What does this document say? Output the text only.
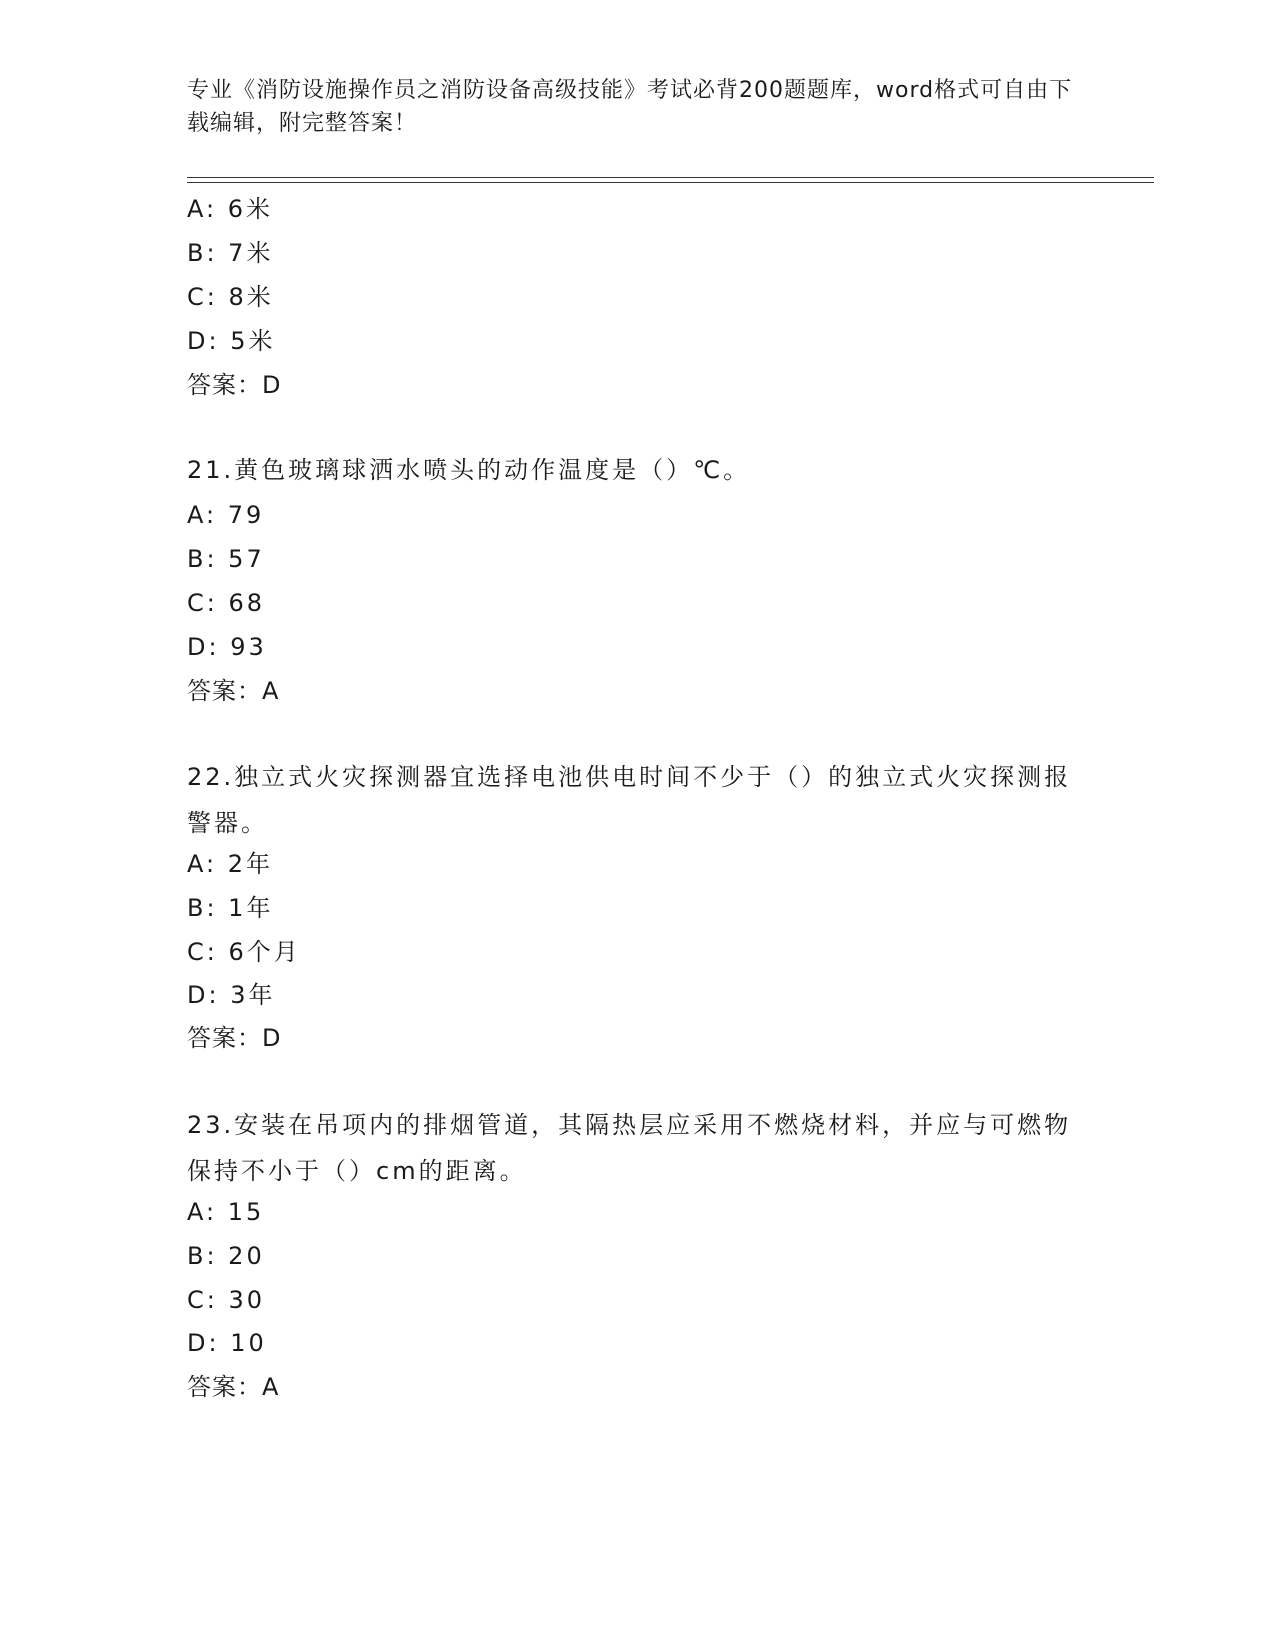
专业《消防设施操作员之消防设备高级技能》考试必背200题题库，word格式可自由下载编辑，附完整答案！
A: 6米
B: 7米
C: 8米
D: 5米
答案：D
21.黄色玻璃球洒水喷头的动作温度是（）℃。
A: 79
B: 57
C: 68
D: 93
答案：A
22.独立式火灾探测器宜选择电池供电时间不少于（）的独立式火灾探测报警器。
A: 2年
B: 1年
C: 6个月
D: 3年
答案：D
23.安装在吊项内的排烟管道，其隔热层应采用不燃烧材料，并应与可燃物保持不小于（）cm的距离。
A: 15
B: 20
C: 30
D: 10
答案：A
